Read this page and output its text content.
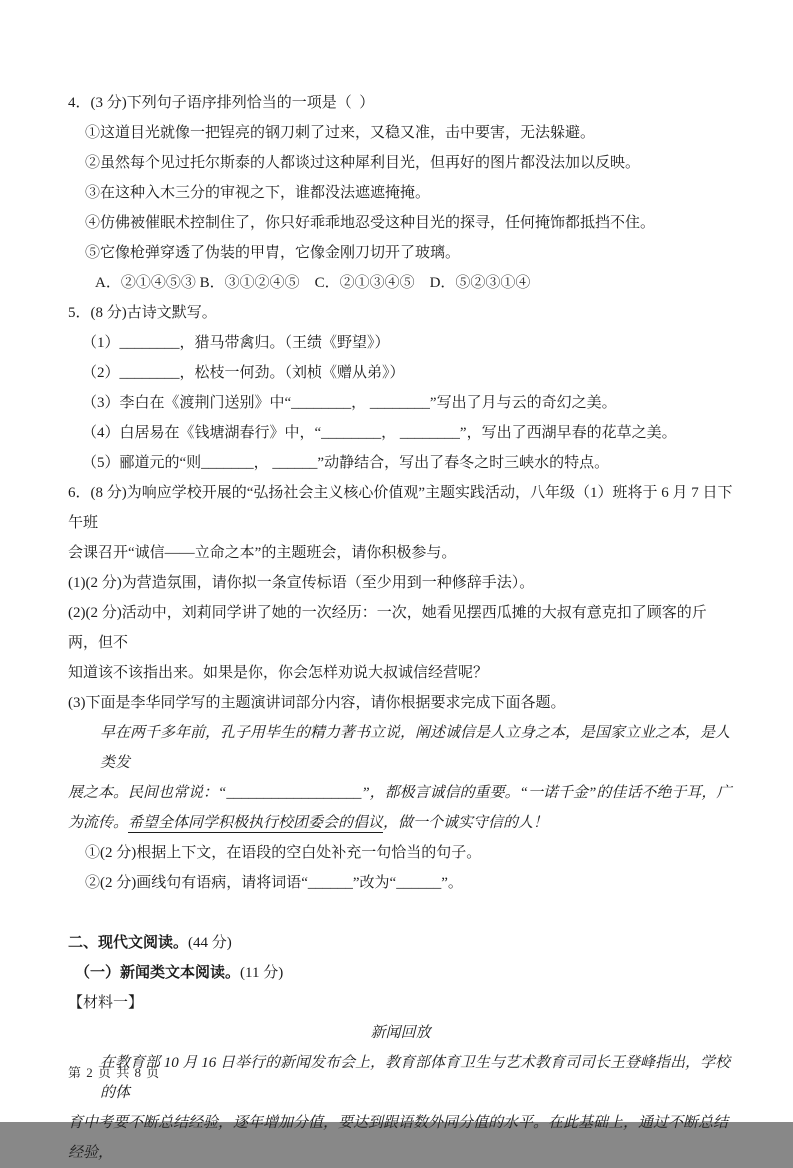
4．(3 分)下列句子语序排列恰当的一项是（  ）
①这道目光就像一把锃亮的钢刀刺了过来，又稳又准，击中要害，无法躲避。
②虽然每个见过托尔斯泰的人都谈过这种犀利目光，但再好的图片都没法加以反映。
③在这种入木三分的审视之下，谁都没法遮遮掩掩。
④仿佛被催眠术控制住了，你只好乖乖地忍受这种目光的探寻，任何掩饰都抵挡不住。
⑤它像枪弹穿透了伪装的甲胄，它像金刚刀切开了玻璃。
A．②①④⑤③ B．③①②④⑤    C．②①③④⑤    D．⑤②③①④
5．(8 分)古诗文默写。
（1）________，猎马带禽归。（王绩《野望》）
（2）________，松枝一何劲。（刘桢《赠从弟》）
（3）李白在《渡荆门送别》中“________， ________”写出了月与云的奇幻之美。
（4）白居易在《钱塘湖春行》中，“________， ________”，写出了西湖早春的花草之美。
（5）郦道元的“则_______， ______”动静结合，写出了春冬之时三峡水的特点。
6．(8 分)为响应学校开展的“弘扬社会主义核心价值观”主题实践活动，八年级（1）班将于 6 月 7 日下午班
会课召开“诚信——立命之本”的主题班会，请你积极参与。
(1)(2 分)为营造氛围，请你拟一条宣传标语（至少用到一种修辞手法）。
(2)(2 分)活动中，刘莉同学讲了她的一次经历：一次，她看见摆西瓜摊的大叔有意克扣了顾客的斤两，但不
知道该不该指出来。如果是你，你会怎样劝说大叔诚信经营呢？
(3)下面是李华同学写的主题演讲词部分内容，请你根据要求完成下面各题。
早在两千多年前，孔子用毕生的精力著书立说，阐述诚信是人立身之本，是国家立业之本，是人类发
展之本。民间也常说：“__________________”，都极言诚信的重要。“一诺千金”的佳话不绝于耳，广
为流传。希望全体同学积极执行校团委会的倡议，做一个诚实守信的人！
①(2 分)根据上下文，在语段的空白处补充一句恰当的句子。
②(2 分)画线句有语病，请将词语“______”改为“______”。
二、现代文阅读。(44 分)
（一）新闻类文本阅读。(11 分)
【材料一】
新闻回放
在教育部 10 月 16 日举行的新闻发布会上，教育部体育卫生与艺术教育司司长王登峰指出，学校的体
育中考要不断总结经验，逐年增加分值，要达到跟语数外同分值的水平。在此基础上，通过不断总结经验，
第 2 页 共 8 页
